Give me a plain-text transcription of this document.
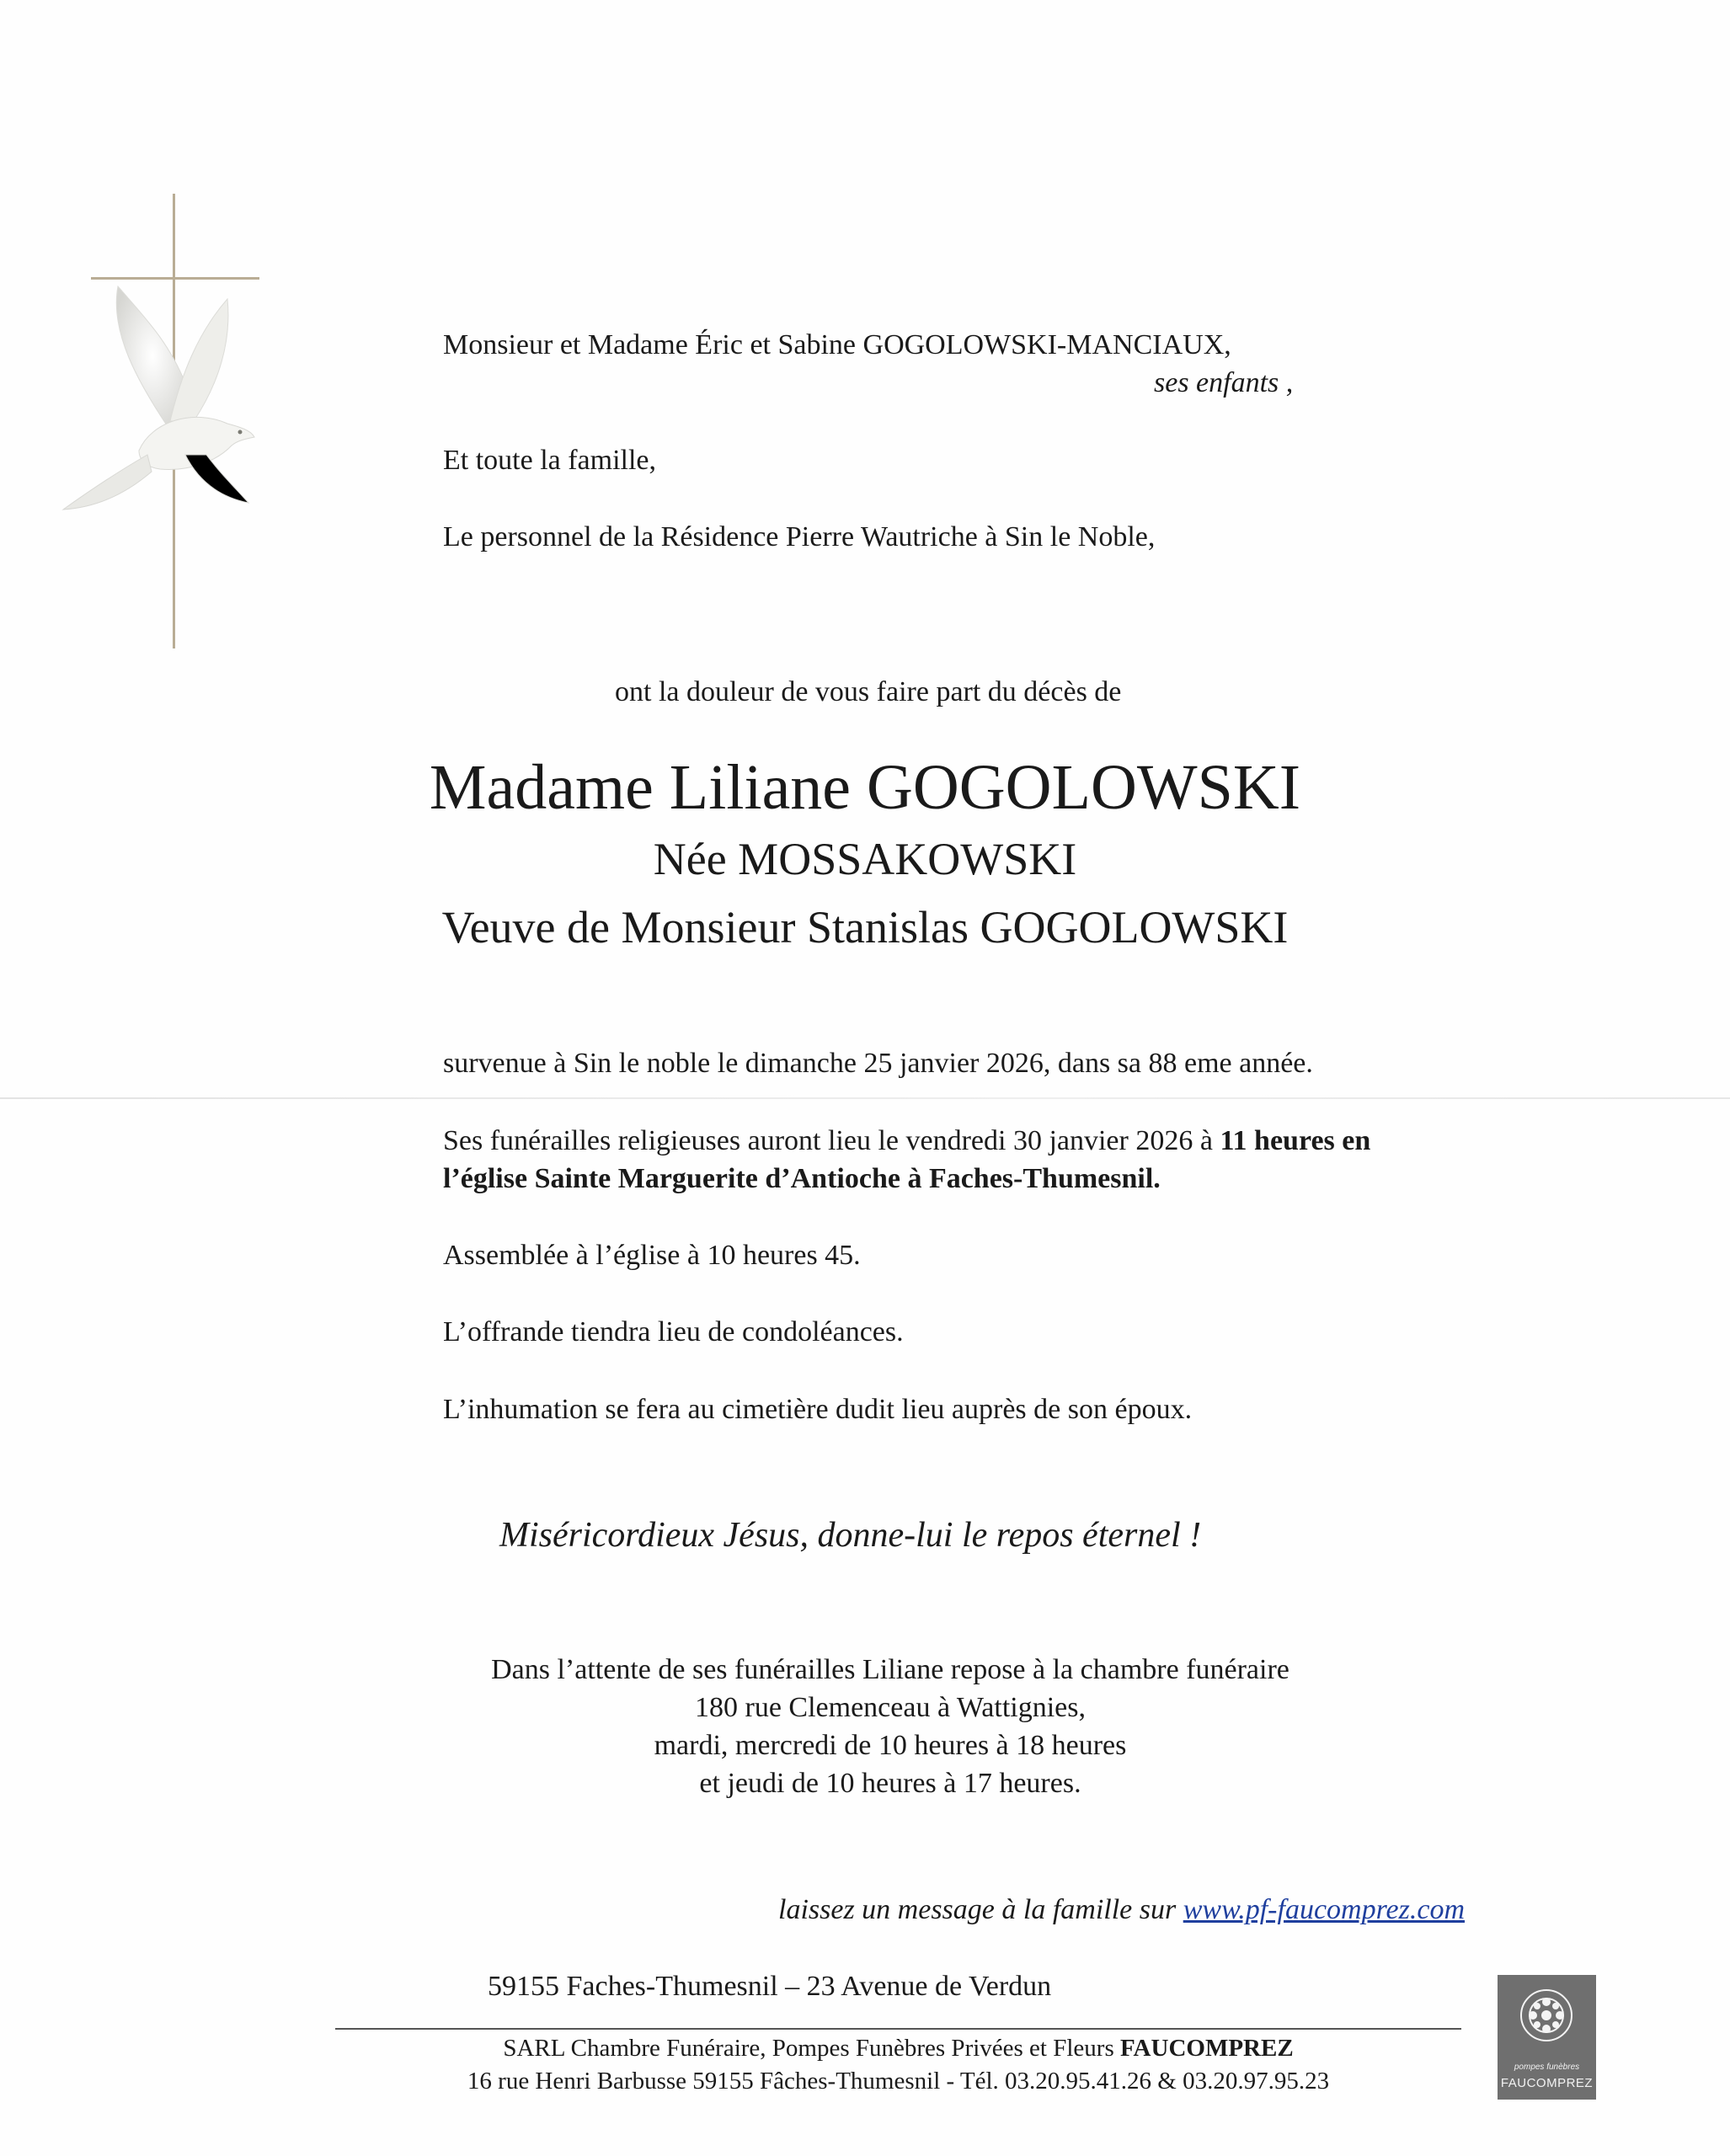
Monsieur et Madame Éric et Sabine GOGOLOWSKI-MANCIAUX,
ses enfants ,
Et toute la famille,
Le personnel de la Résidence Pierre Wautriche à Sin le Noble,
ont la douleur de vous faire part du décès de
Madame Liliane GOGOLOWSKI
Née MOSSAKOWSKI
Veuve de Monsieur Stanislas GOGOLOWSKI
survenue à Sin le noble le dimanche 25 janvier 2026, dans sa 88 eme année.
Ses funérailles religieuses auront lieu le vendredi 30 janvier 2026 à 11 heures en
l’église Sainte Marguerite d’Antioche à Faches-Thumesnil.
Assemblée à l’église à 10 heures 45.
L’offrande tiendra lieu de condoléances.
L’inhumation se fera au cimetière dudit lieu auprès de son époux.
Miséricordieux Jésus, donne-lui le repos éternel !
Dans l’attente de ses funérailles Liliane repose à la chambre funéraire
180 rue Clemenceau à Wattignies,
mardi, mercredi de 10 heures à 18 heures
et jeudi de 10 heures à 17 heures.
laissez un message à la famille sur www.pf-faucomprez.com
59155 Faches-Thumesnil – 23 Avenue de Verdun
SARL Chambre Funéraire, Pompes Funèbres Privées et Fleurs FAUCOMPREZ
16 rue Henri Barbusse 59155 Fâches-Thumesnil - Tél. 03.20.95.41.26 & 03.20.97.95.23
pompes funèbres
FAUCOMPREZ
